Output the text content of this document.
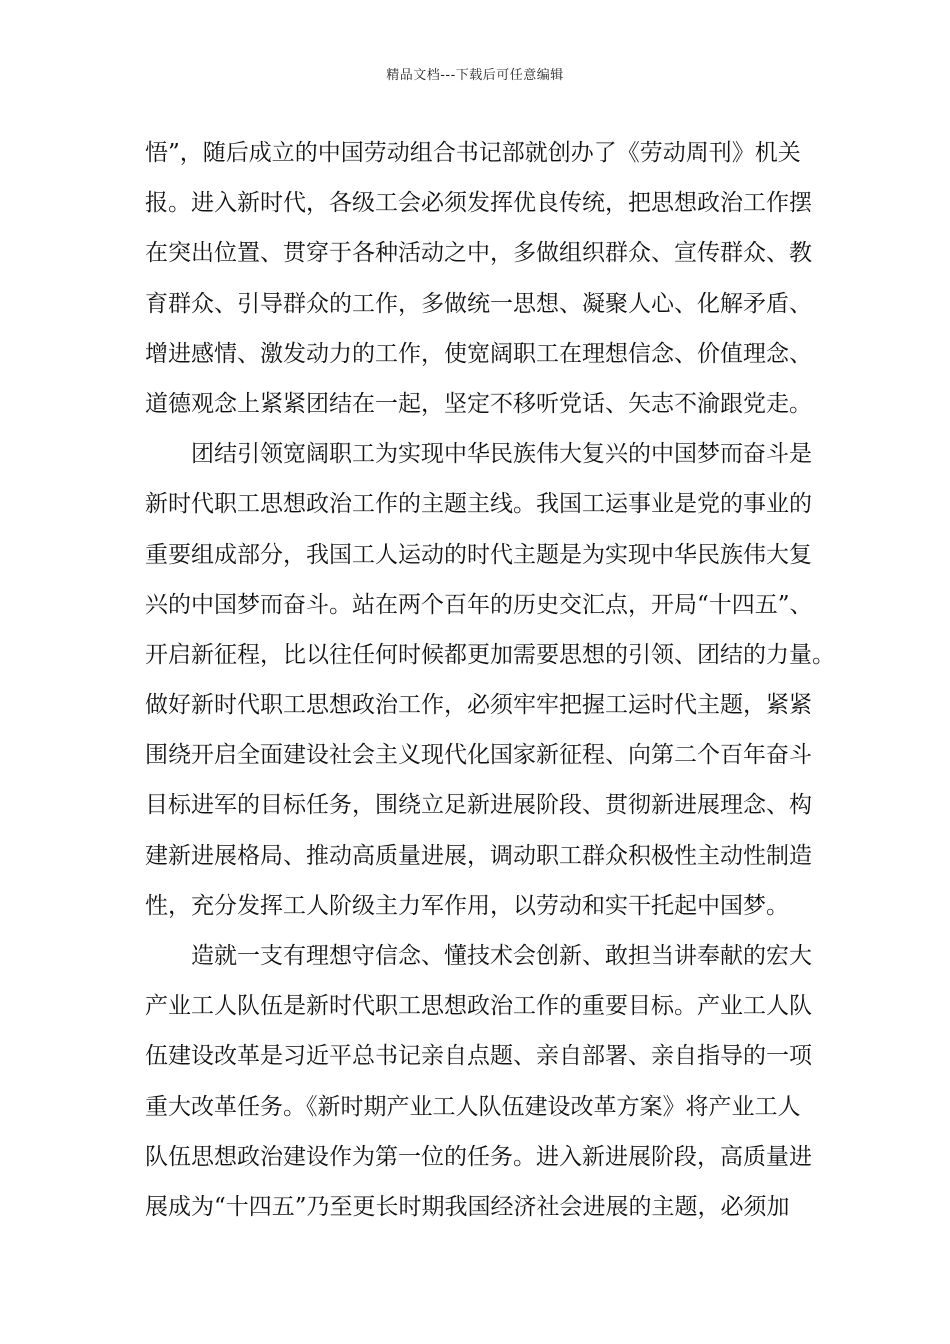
精品文档---下载后可任意编辑
悟”，随后成立的中国劳动组合书记部就创办了《劳动周刊》机关
报。进入新时代，各级工会必须发挥优良传统，把思想政治工作摆
在突出位置、贯穿于各种活动之中，多做组织群众、宣传群众、教
育群众、引导群众的工作，多做统一思想、凝聚人心、化解矛盾、
增进感情、激发动力的工作，使宽阔职工在理想信念、价值理念、
道德观念上紧紧团结在一起，坚定不移听党话、矢志不渝跟党走。
团结引领宽阔职工为实现中华民族伟大复兴的中国梦而奋斗是
新时代职工思想政治工作的主题主线。我国工运事业是党的事业的
重要组成部分，我国工人运动的时代主题是为实现中华民族伟大复
兴的中国梦而奋斗。站在两个百年的历史交汇点，开局“十四五”、
开启新征程，比以往任何时候都更加需要思想的引领、团结的力量。
做好新时代职工思想政治工作，必须牢牢把握工运时代主题，紧紧
围绕开启全面建设社会主义现代化国家新征程、向第二个百年奋斗
目标进军的目标任务，围绕立足新进展阶段、贯彻新进展理念、构
建新进展格局、推动高质量进展，调动职工群众积极性主动性制造
性，充分发挥工人阶级主力军作用，以劳动和实干托起中国梦。
造就一支有理想守信念、懂技术会创新、敢担当讲奉献的宏大
产业工人队伍是新时代职工思想政治工作的重要目标。产业工人队
伍建设改革是习近平总书记亲自点题、亲自部署、亲自指导的一项
重大改革任务。《新时期产业工人队伍建设改革方案》将产业工人
队伍思想政治建设作为第一位的任务。进入新进展阶段，高质量进
展成为“十四五”乃至更长时期我国经济社会进展的主题，必须加
